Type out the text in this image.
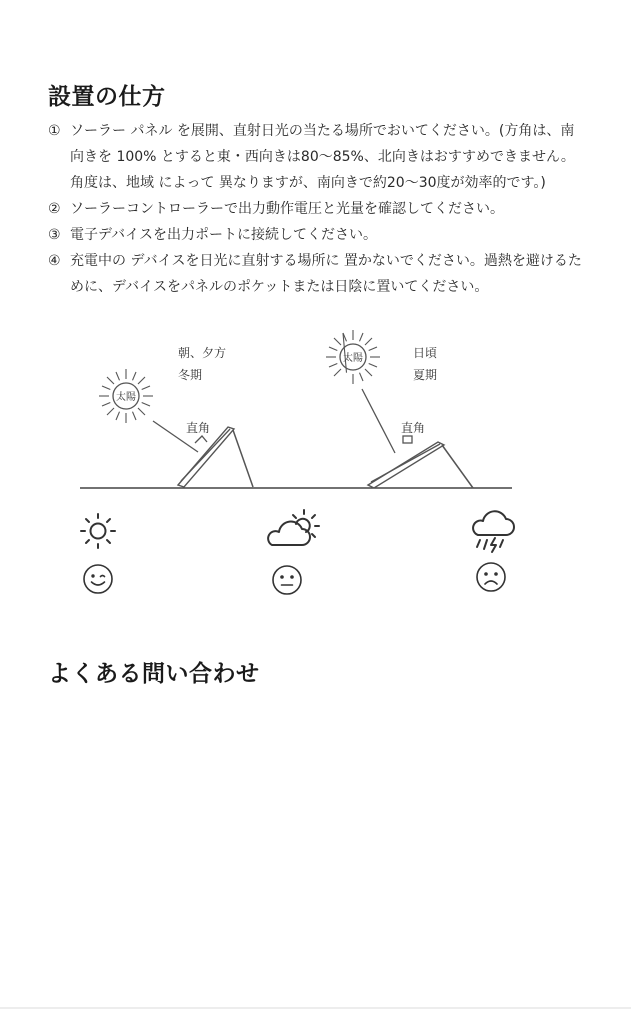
設置の仕方
① ソーラー パネル を展開、直射日光の当たる場所でおいてください。(方角は、南向きを 100% とすると東・西向きは80〜85%、北向きはおすすめできません。角度は、地域 によって 異なりますが、南向きで約20〜30度が効率的です。)
② ソーラーコントローラーで出力動作電圧と光量を確認してください。
③ 電子デバイスを出力ポートに接続してください。
④ 充電中の デバイスを日光に直射する場所に 置かないでください。過熱を避けるために、デバイスをパネルのポケットまたは日陰に置いてください。
太陽
太陽
朝、夕方
冬期
日頃
夏期
直角	直角
よくある問い合わせ
